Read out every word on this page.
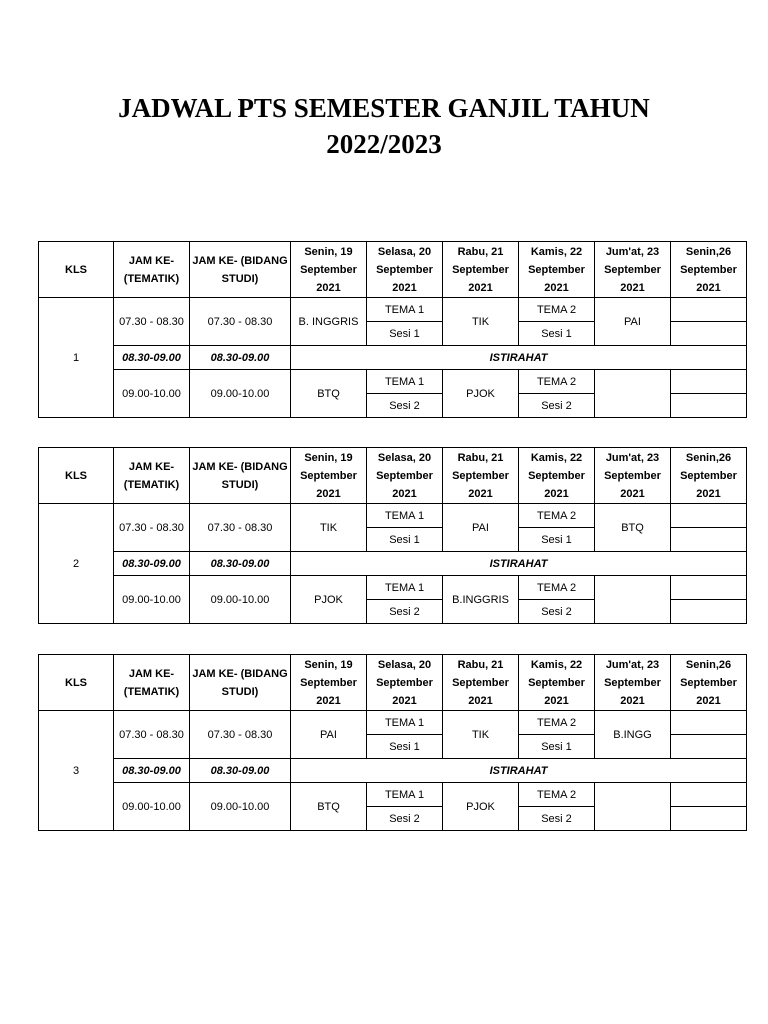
JADWAL PTS SEMESTER GANJIL TAHUN
2022/2023
KLS	JAM KE- (TEMATIK)	JAM KE- (BIDANG STUDI)	Senin, 19 September 2021	Selasa, 20 September 2021	Rabu, 21 September 2021	Kamis, 22 September 2021	Jum'at, 23 September 2021	Senin,26 September 2021
1	07.30 - 08.30	07.30 - 08.30	B. INGGRIS	TEMA 1	TIK	TEMA 2	PAI	
				Sesi 1		Sesi 1		
	08.30-09.00	08.30-09.00	ISTIRAHAT					
	09.00-10.00	09.00-10.00	BTQ	TEMA 1	PJOK	TEMA 2		
				Sesi 2		Sesi 2		
KLS	JAM KE- (TEMATIK)	JAM KE- (BIDANG STUDI)	Senin, 19 September 2021	Selasa, 20 September 2021	Rabu, 21 September 2021	Kamis, 22 September 2021	Jum'at, 23 September 2021	Senin,26 September 2021
2	07.30 - 08.30	07.30 - 08.30	TIK	TEMA 1	PAI	TEMA 2	BTQ	
				Sesi 1		Sesi 1		
	08.30-09.00	08.30-09.00	ISTIRAHAT					
	09.00-10.00	09.00-10.00	PJOK	TEMA 1	B.INGGRIS	TEMA 2		
				Sesi 2		Sesi 2		
KLS	JAM KE- (TEMATIK)	JAM KE- (BIDANG STUDI)	Senin, 19 September 2021	Selasa, 20 September 2021	Rabu, 21 September 2021	Kamis, 22 September 2021	Jum'at, 23 September 2021	Senin,26 September 2021
3	07.30 - 08.30	07.30 - 08.30	PAI	TEMA 1	TIK	TEMA 2	B.INGG	
				Sesi 1		Sesi 1		
	08.30-09.00	08.30-09.00	ISTIRAHAT					
	09.00-10.00	09.00-10.00	BTQ	TEMA 1	PJOK	TEMA 2		
				Sesi 2		Sesi 2		
